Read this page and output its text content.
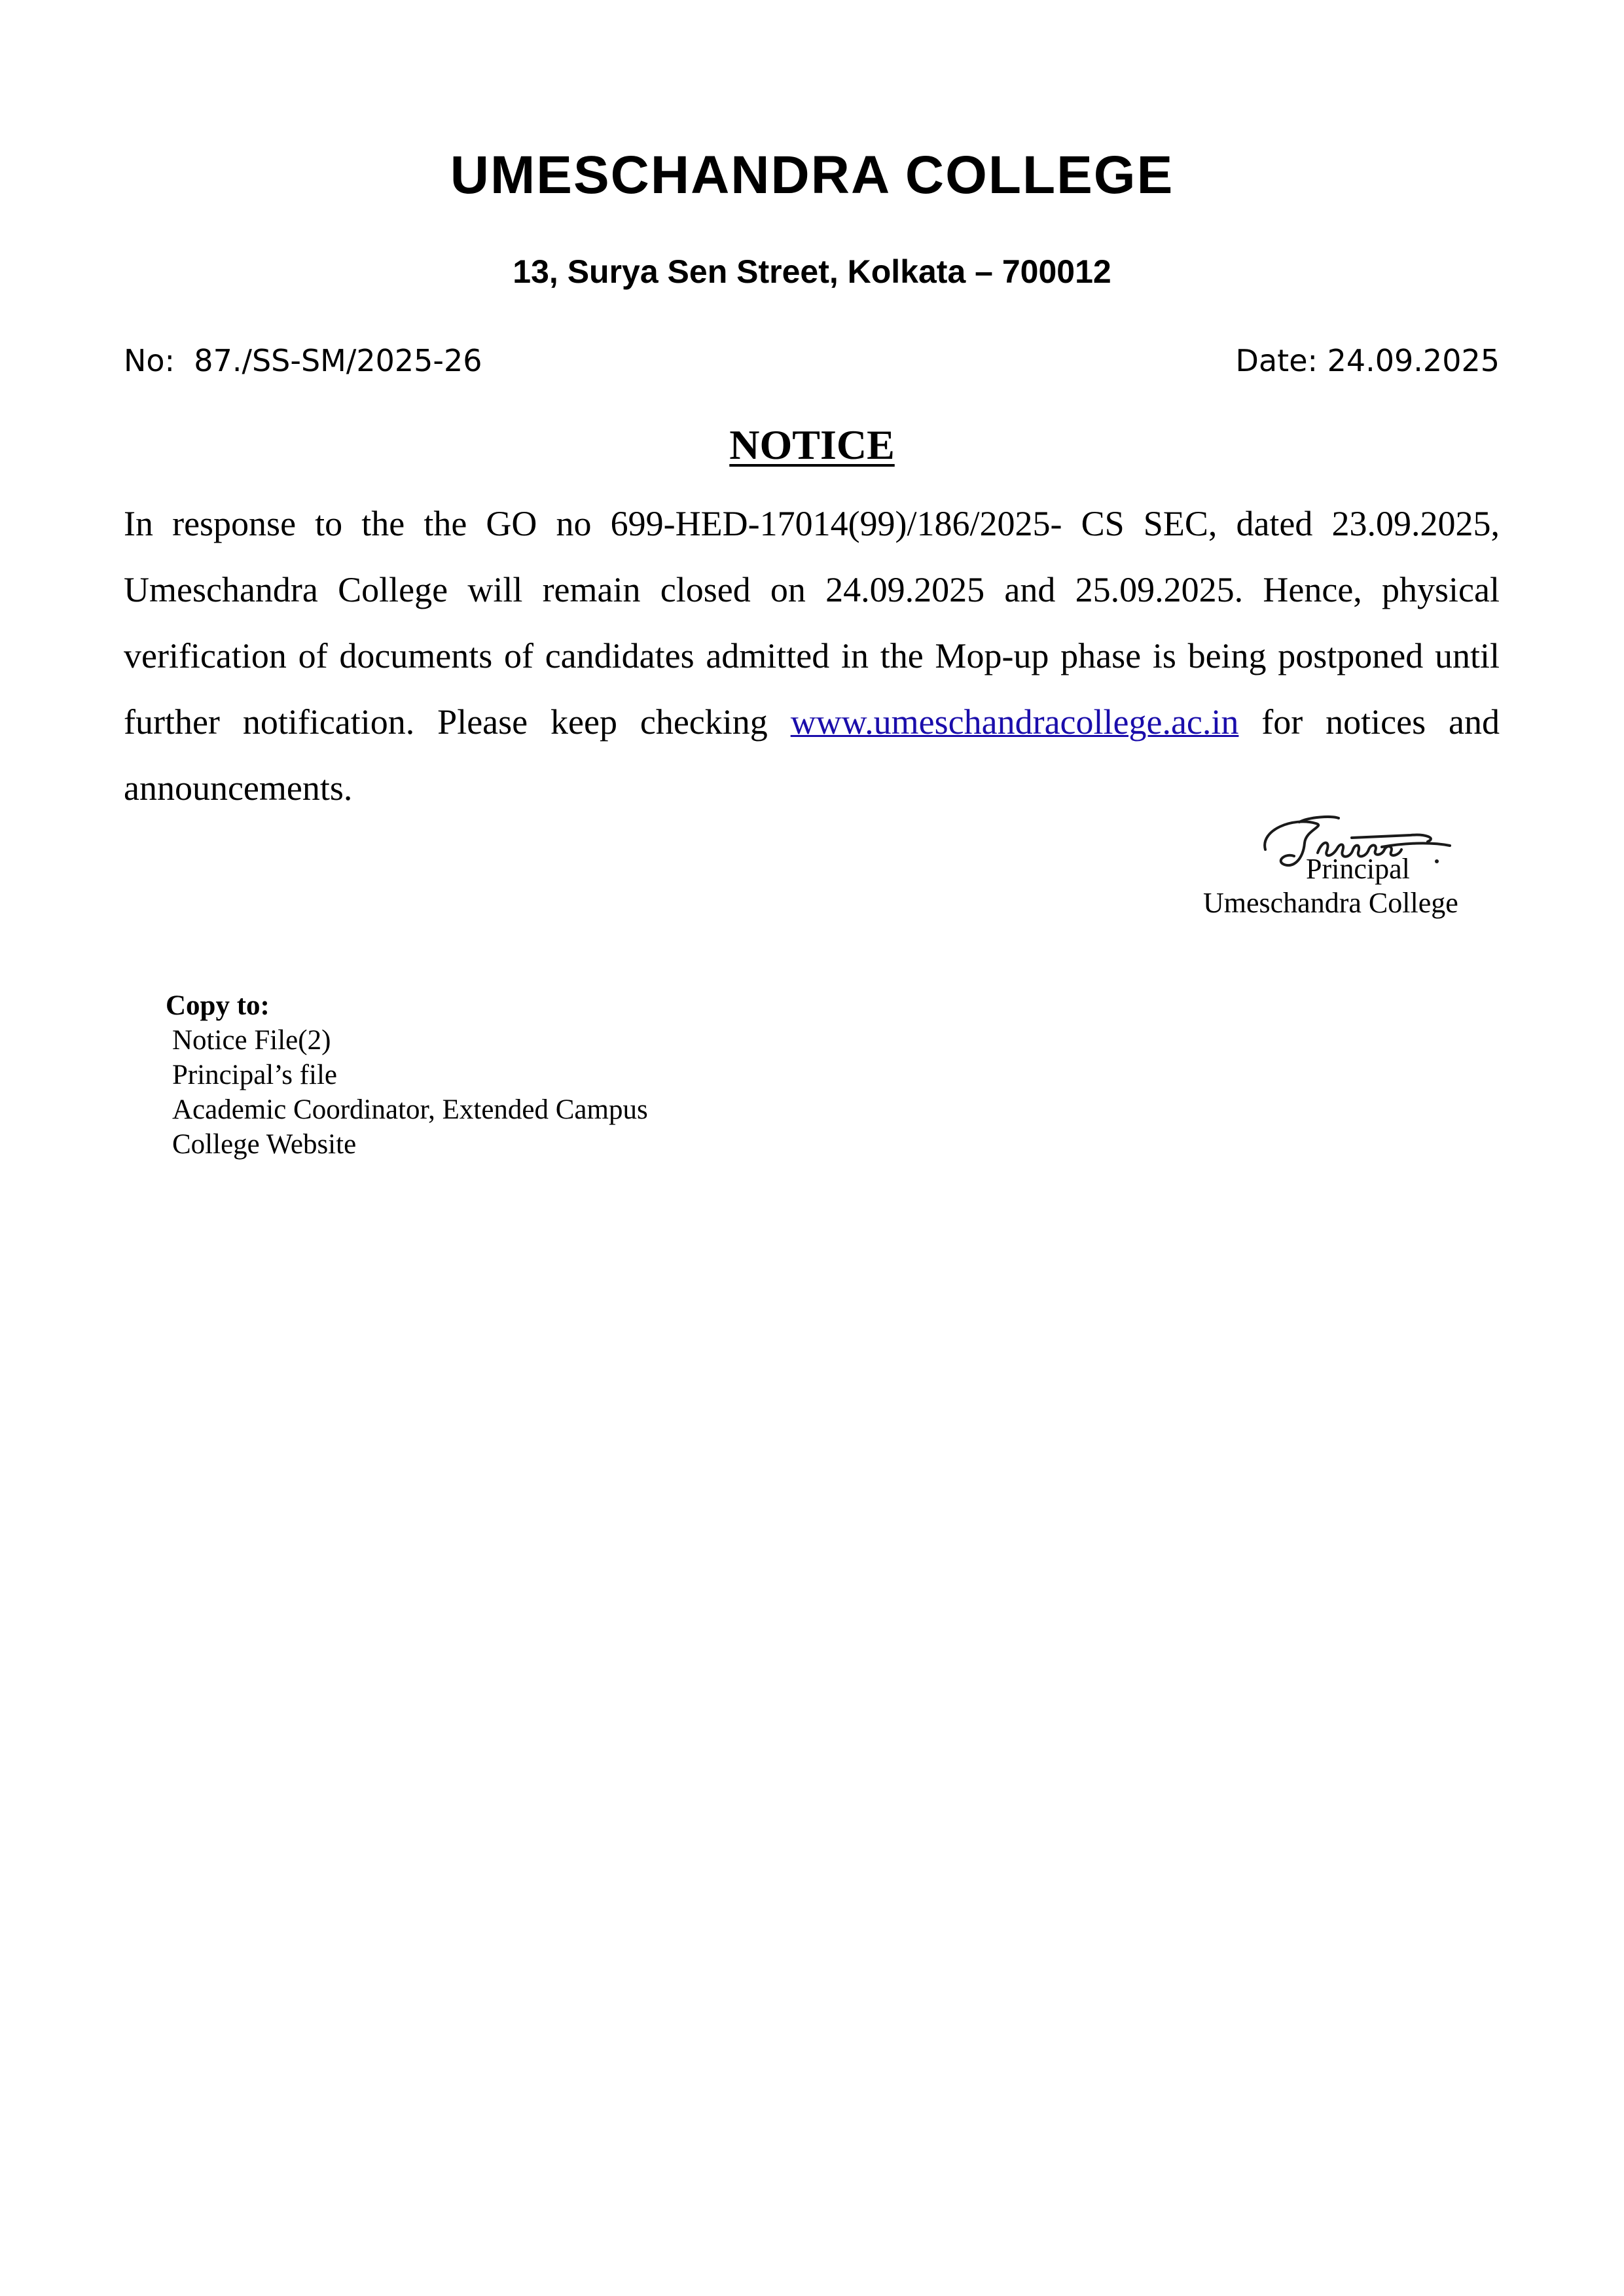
UMESCHANDRA COLLEGE

13, Surya Sen Street, Kolkata – 700012

No:  87./SS-SM/2025-26	Date: 24.09.2025
NOTICE

In response to the the GO no 699-HED-17014(99)/186/2025- CS SEC, dated 23.09.2025, Umeschandra College will remain closed on 24.09.2025 and 25.09.2025. Hence, physical verification of documents of candidates admitted in the Mop-up phase is being postponed until further notification. Please keep checking www.umeschandracollege.ac.in for notices and announcements.

Principal
Umeschandra College

Copy to:

Notice File(2)
Principal’s file
Academic Coordinator, Extended Campus
College Website
